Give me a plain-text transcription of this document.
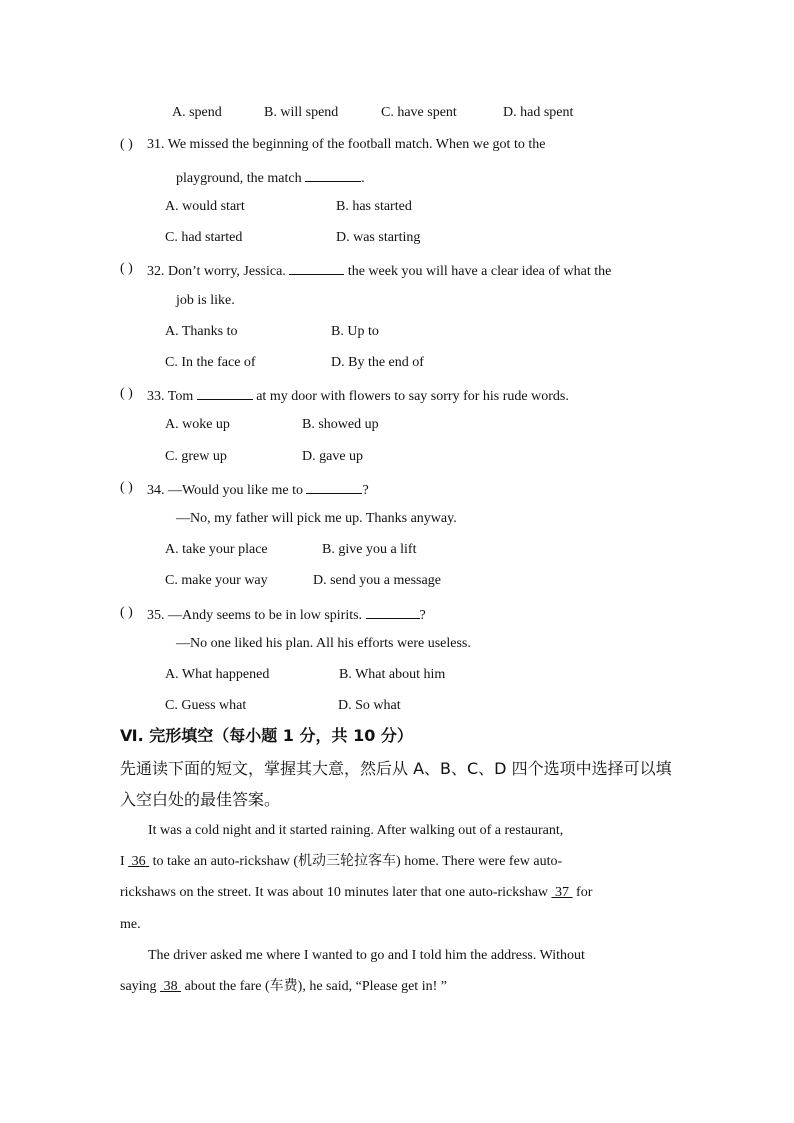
A. spend	B. will spend	C. have spent	D. had spent
( ) 31. We missed the beginning of the football match. When we got to the
playground, the match	.
A. would start	B. has started
C. had started	D. was starting
( ) 32. Don’t worry, Jessica.	the week you will have a clear idea of what the
job is like.
A. Thanks to	B. Up to
C. In the face of	D. By the end of
( ) 33. Tom	at my door with flowers to say sorry for his rude words.
A. woke up	B. showed up
C. grew up	D. gave up
( ) 34. —Would you like me to	?
—No, my father will pick me up. Thanks anyway.
A. take your place	B. give you a lift
C. make your way	D. send you a message
( ) 35. —Andy seems to be in low spirits.	?
—No one liked his plan. All his efforts were useless.
A. What happened	B. What about him
C. Guess what	D. So what
Ⅵ. 完形填空（每小题 1 分，共 10 分）
先通读下面的短文，掌握其大意，然后从 A、B、C、D 四个选项中选择可以填
入空白处的最佳答案。
It was a cold night and it started raining. After walking out of a restaurant,
I 36 to take an auto-rickshaw (机动三轮拉客车) home. There were few auto-
rickshaws on the street. It was about 10 minutes later that one auto-rickshaw 37 for
me.
The driver asked me where I wanted to go and I told him the address. Without
saying 38 about the fare (车费), he said, “Please get in! ”
